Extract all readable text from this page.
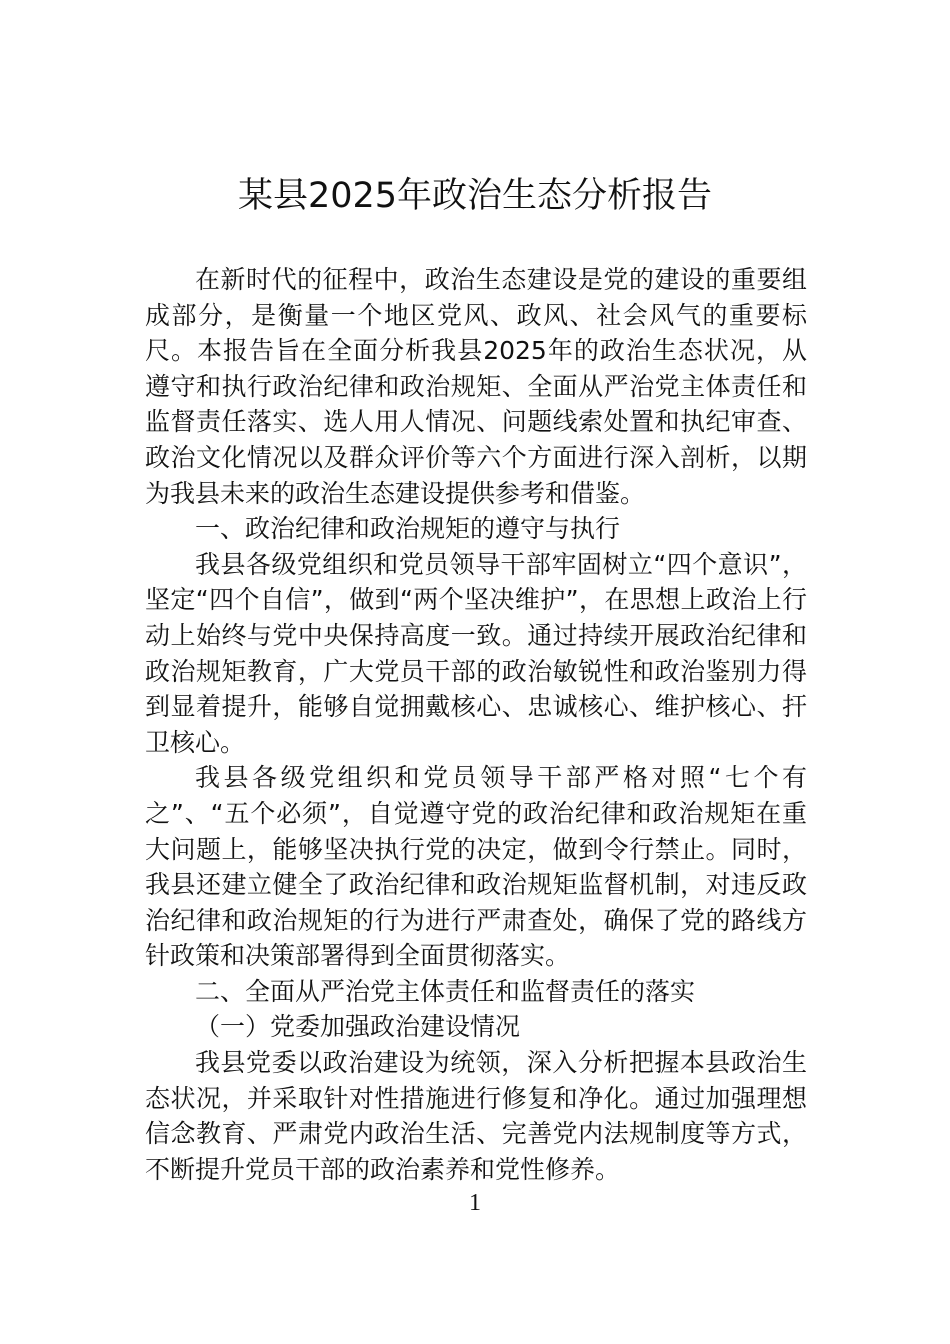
某县2025年政治生态分析报告

在新时代的征程中，政治生态建设是党的建设的重要组成部分，是衡量一个地区党风、政风、社会风气的重要标尺。本报告旨在全面分析我县2025年的政治生态状况，从遵守和执行政治纪律和政治规矩、全面从严治党主体责任和监督责任落实、选人用人情况、问题线索处置和执纪审查、政治文化情况以及群众评价等六个方面进行深入剖析，以期为我县未来的政治生态建设提供参考和借鉴。

一、政治纪律和政治规矩的遵守与执行

我县各级党组织和党员领导干部牢固树立“四个意识”，坚定“四个自信”，做到“两个坚决维护”，在思想上政治上行动上始终与党中央保持高度一致。通过持续开展政治纪律和政治规矩教育，广大党员干部的政治敏锐性和政治鉴别力得到显着提升，能够自觉拥戴核心、忠诚核心、维护核心、扞卫核心。

我县各级党组织和党员领导干部严格对照“七个有之”、“五个必须”，自觉遵守党的政治纪律和政治规矩在重大问题上，能够坚决执行党的决定，做到令行禁止。同时，我县还建立健全了政治纪律和政治规矩监督机制，对违反政治纪律和政治规矩的行为进行严肃查处，确保了党的路线方针政策和决策部署得到全面贯彻落实。

二、全面从严治党主体责任和监督责任的落实

（一）党委加强政治建设情况

我县党委以政治建设为统领，深入分析把握本县政治生态状况，并采取针对性措施进行修复和净化。通过加强理想信念教育、严肃党内政治生活、完善党内法规制度等方式，不断提升党员干部的政治素养和党性修养。

1
